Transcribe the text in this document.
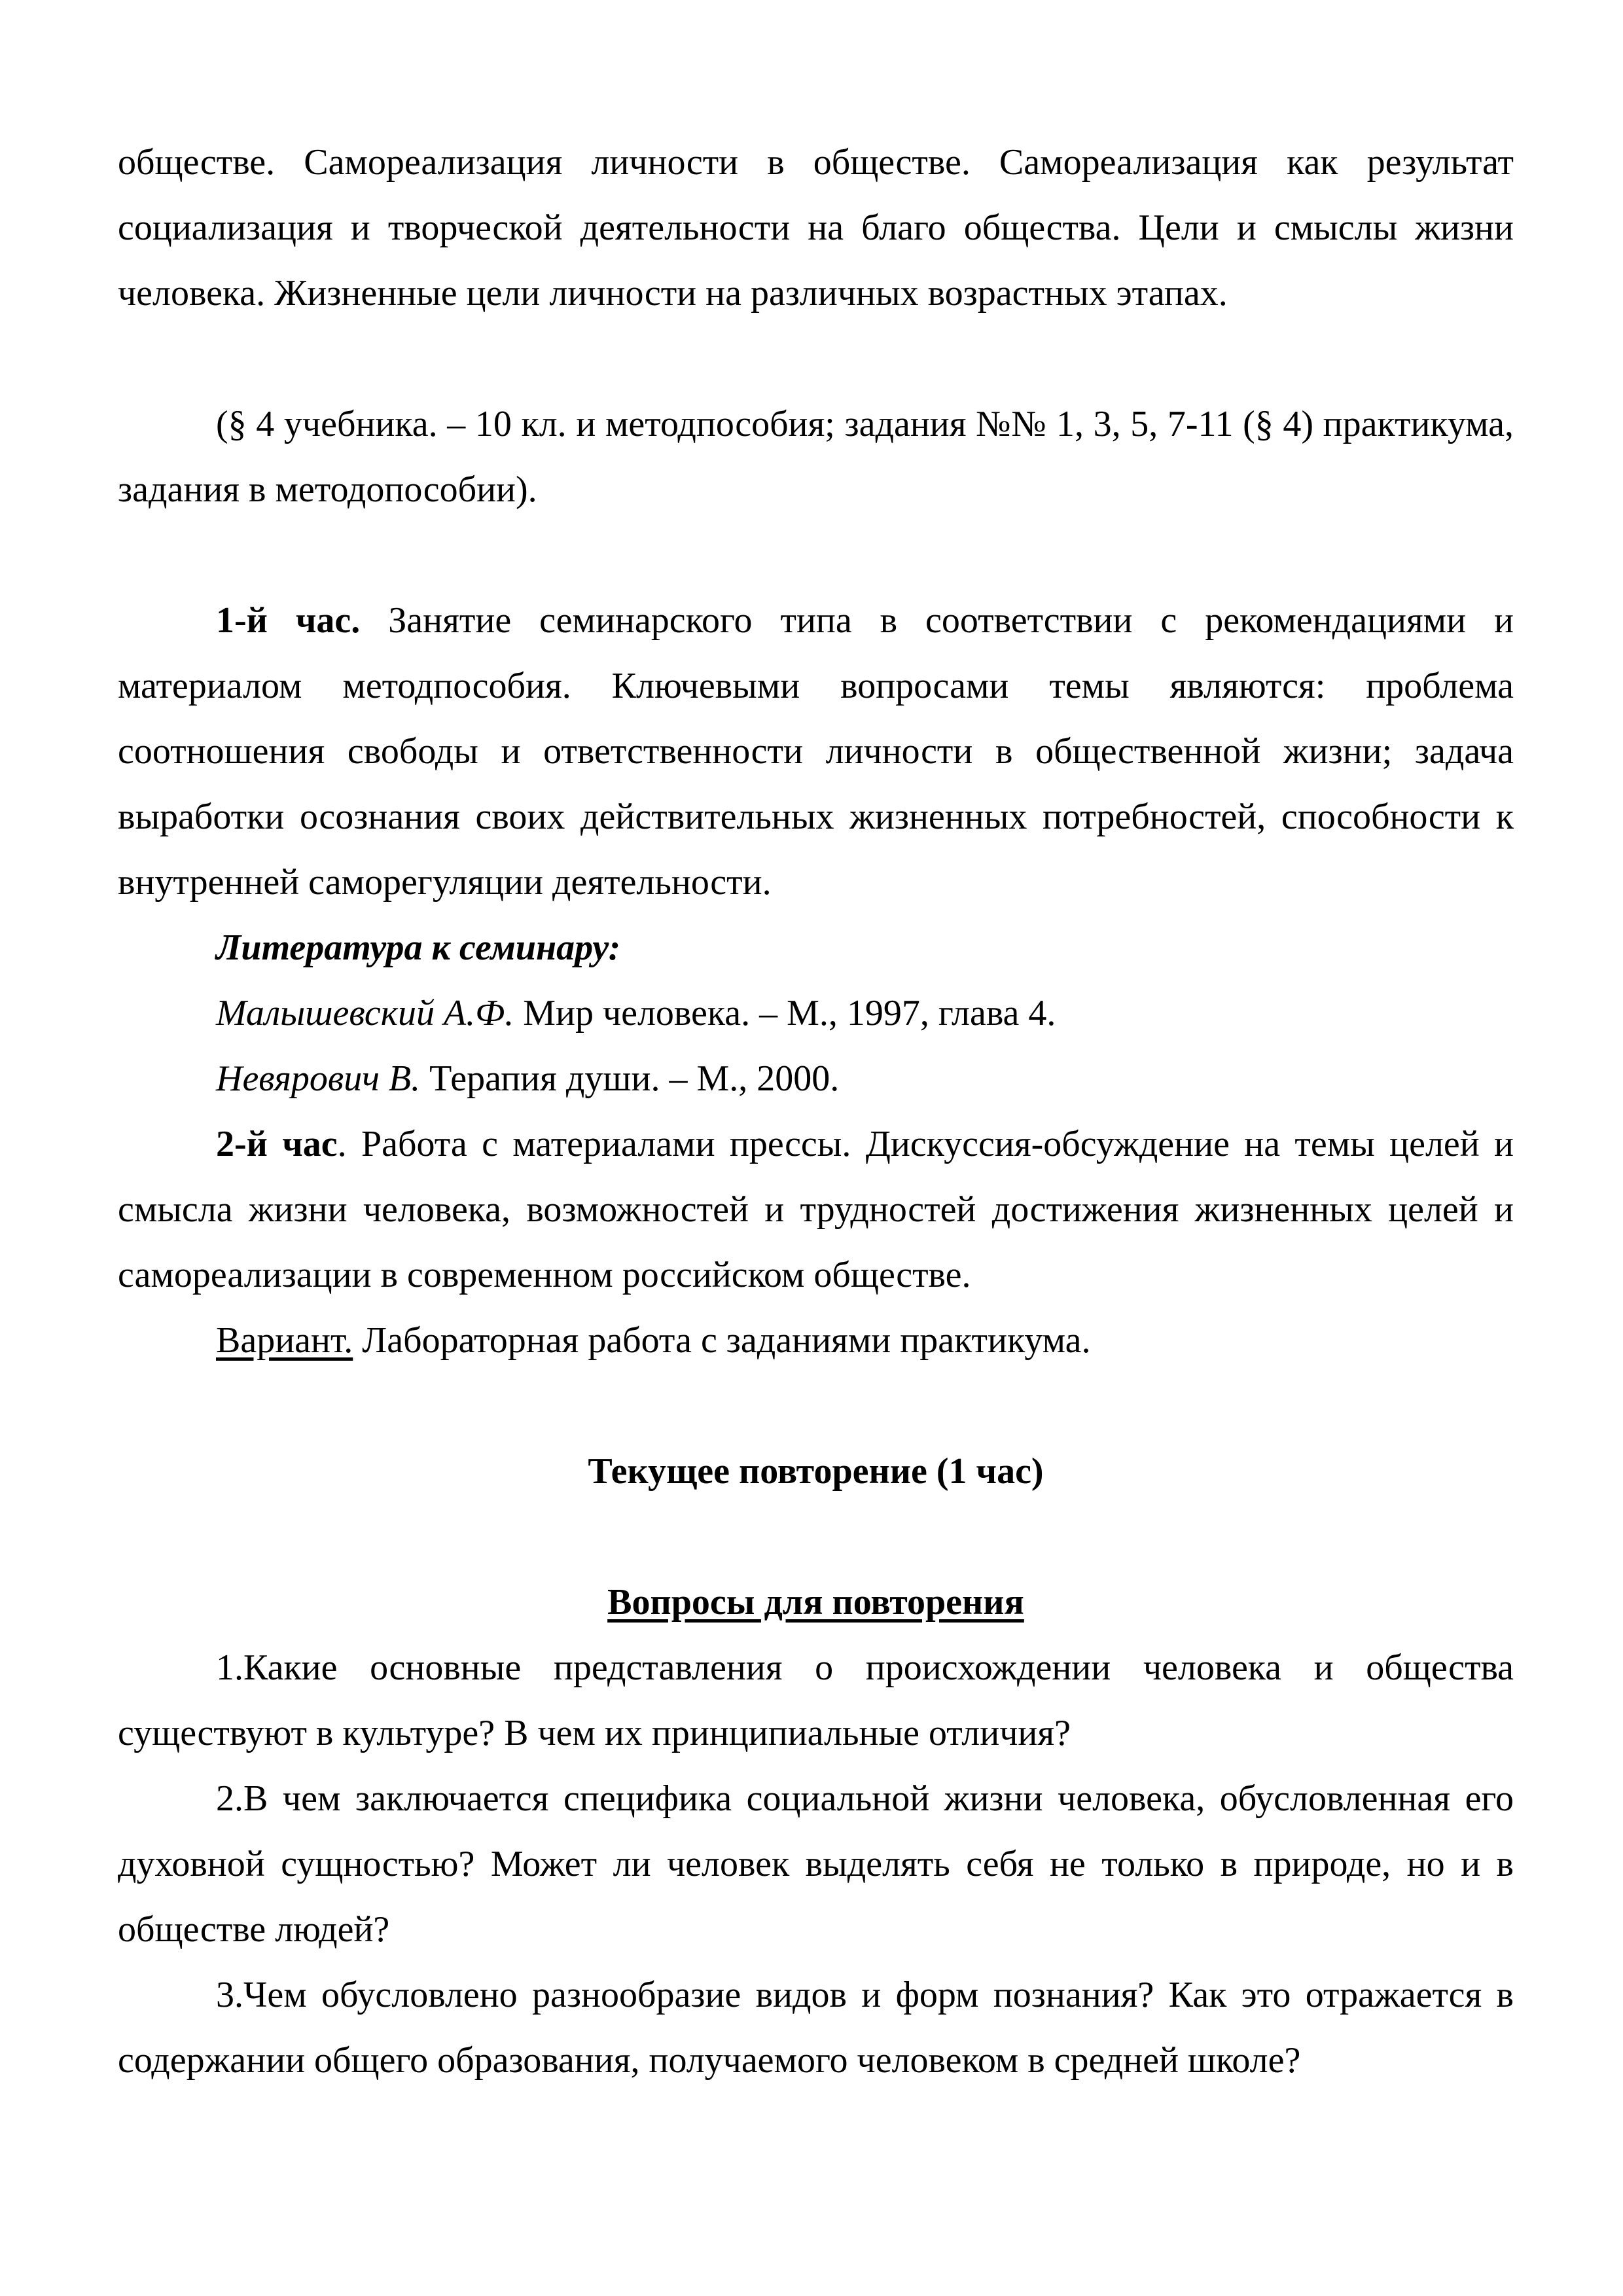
обществе. Самореализация личности в обществе. Самореализация как результат социализация и творческой деятельности на благо общества. Цели и смыслы жизни человека. Жизненные цели личности на различных возрастных этапах.

(§ 4 учебника. – 10 кл. и методпособия; задания №№ 1, 3, 5, 7-11 (§ 4) практикума, задания в методопособии).

1-й час. Занятие семинарского типа в соответствии с рекомендациями и материалом методпособия. Ключевыми вопросами темы являются: проблема соотношения свободы и ответственности личности в общественной жизни; задача выработки осознания своих действительных жизненных потребностей, способности к внутренней саморегуляции деятельности.

Литература к семинару:

Малышевский А.Ф. Мир человека. – М., 1997, глава 4.

Невярович В. Терапия души. – М., 2000.

2-й час. Работа с материалами прессы. Дискуссия-обсуждение на темы целей и смысла жизни человека, возможностей и трудностей достижения жизненных целей и самореализации в современном российском обществе.

Вариант. Лабораторная работа с заданиями практикума.

Текущее повторение (1 час)

Вопросы для повторения

1.Какие основные представления о происхождении человека и общества существуют в культуре? В чем их принципиальные отличия?

2.В чем заключается специфика социальной жизни человека, обусловленная его духовной сущностью? Может ли человек выделять себя не только в природе, но и в обществе людей?

3.Чем обусловлено разнообразие видов и форм познания? Как это отражается в содержании общего образования, получаемого человеком в средней школе?
